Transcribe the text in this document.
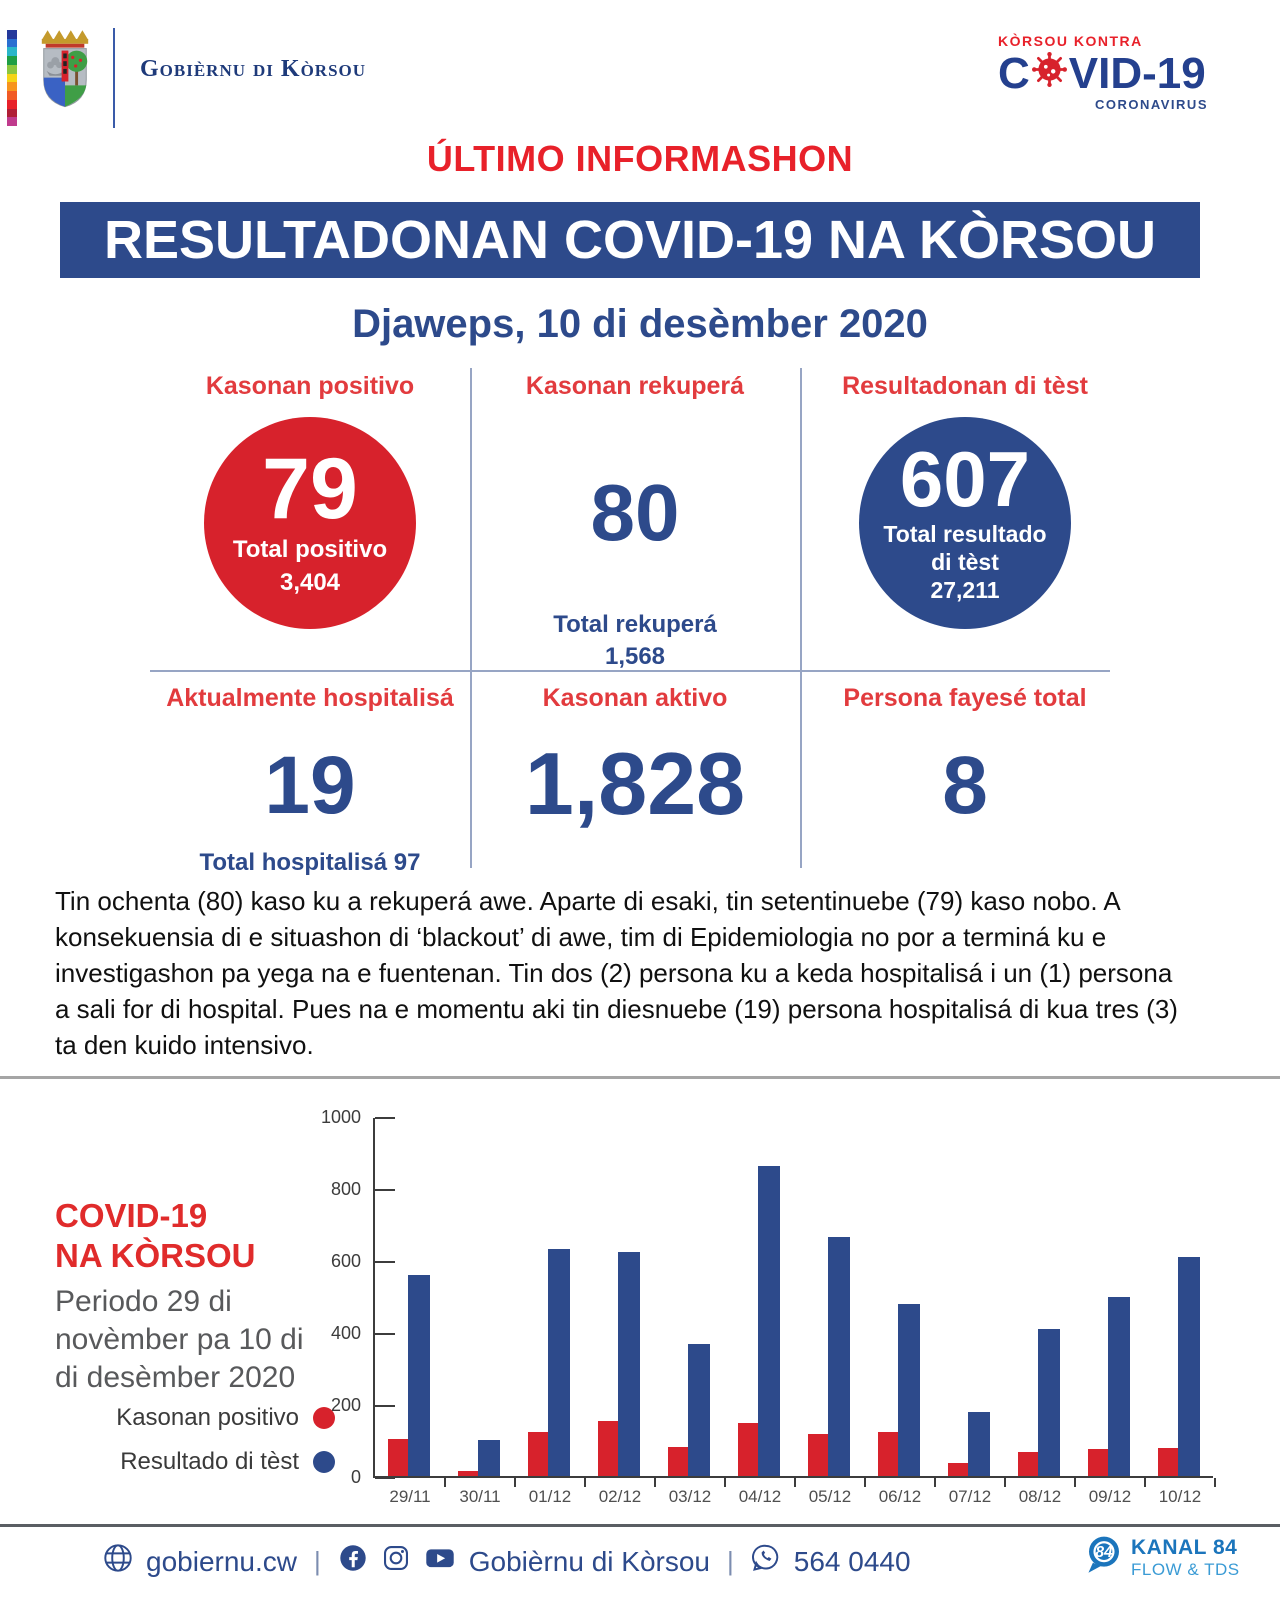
Gobièrnu di Kòrsou
KÒRSOU KONTRA
C VID-19
CORONAVIRUS
ÚLTIMO INFORMASHON
RESULTADONAN COVID-19 NA KÒRSOU
Djaweps, 10 di desèmber 2020
Kasonan positivo
79
Total positivo
3,404
Kasonan rekuperá
80
Total rekuperá
1,568
Resultadonan di tèst
607
Total resultado
di tèst
27,211
Aktualmente hospitalisá
19
Total hospitalisá 97
Kasonan aktivo
1,828
Persona fayesé total
8
Tin ochenta (80) kaso ku a rekuperá awe. Aparte di esaki, tin setentinuebe (79) kaso nobo. A konsekuensia di e situashon di ‘blackout’ di awe, tim di Epidemiologia no por a terminá ku e investigashon pa yega na e fuentenan. Tin dos (2) persona ku a keda hospitalisá i un (1) persona a sali for di hospital. Pues na e momentu aki tin diesnuebe (19) persona hospitalisá di kua tres (3) ta den kuido intensivo.
COVID-19
NA KÒRSOU
Periodo 29 di novèmber pa 10 di di desèmber 2020
Kasonan positivo
Resultado di tèst
0
200
400
600
800
1000
29/11	30/11	01/12	02/12	03/12	04/12	05/12	06/12	07/12	08/12	09/12	10/12
gobiernu.cw |	Gobièrnu di Kòrsou | 564 0440	84 KANAL 84
FLOW & TDS
